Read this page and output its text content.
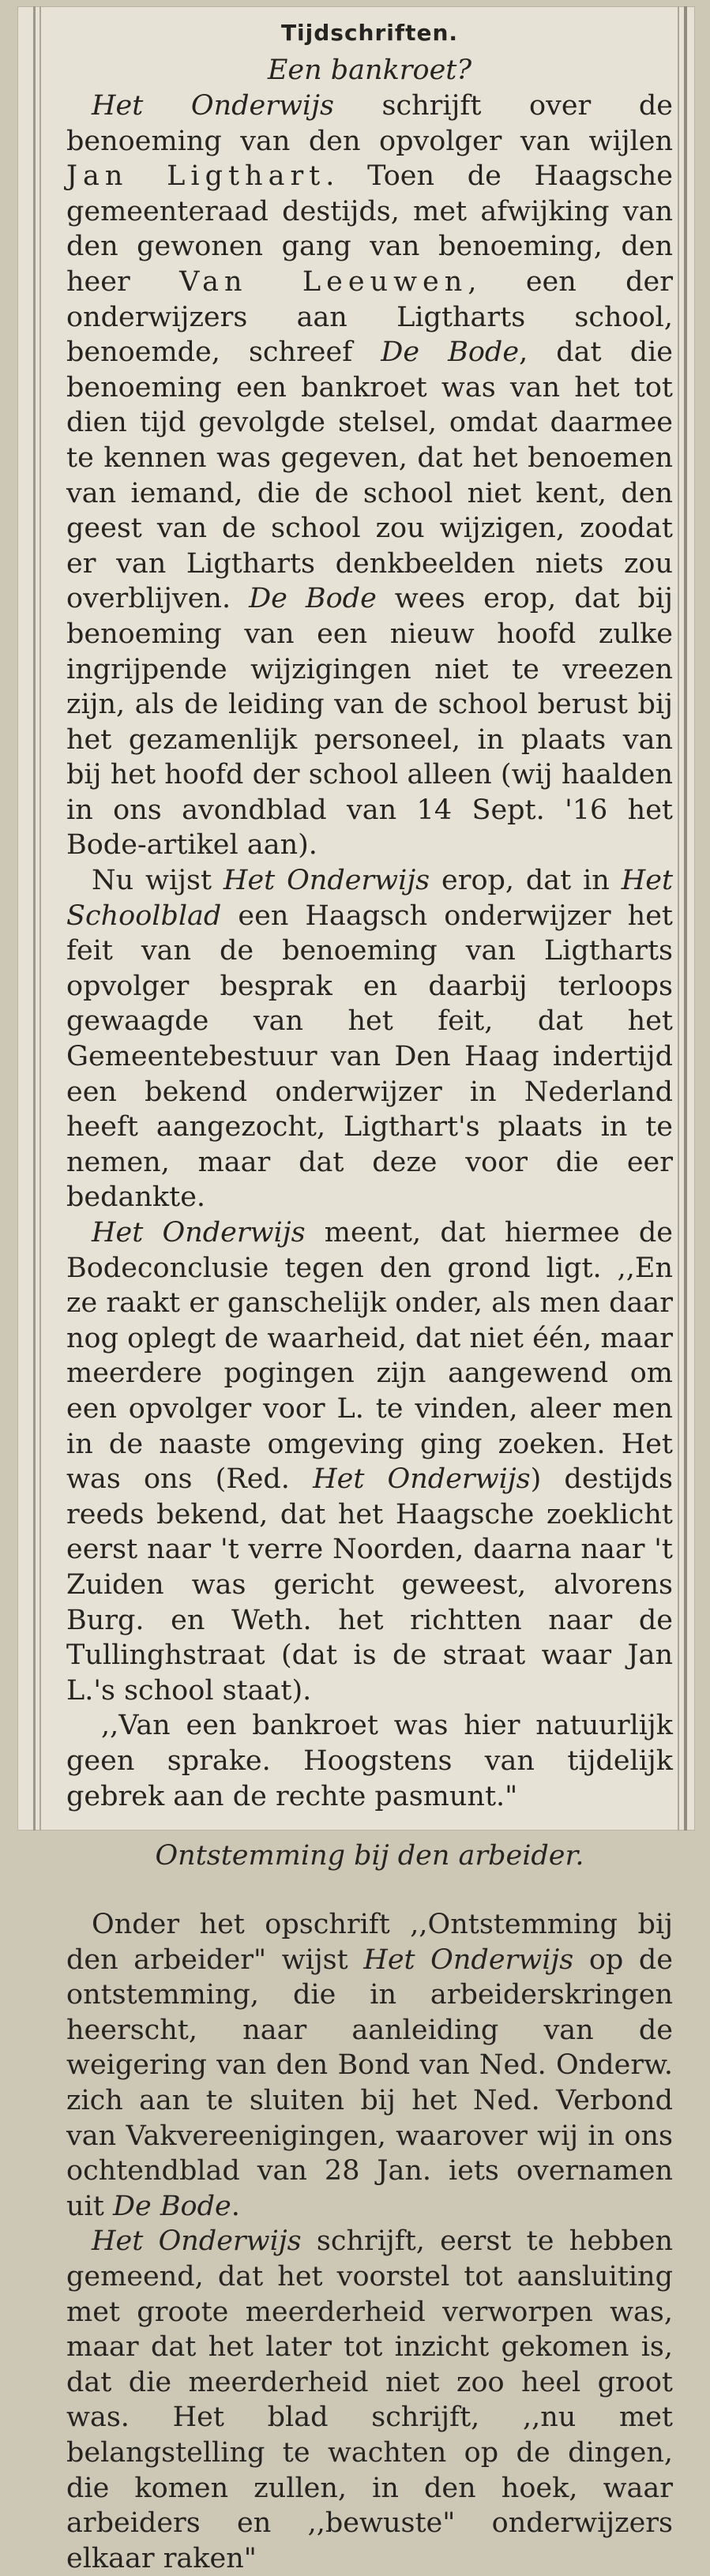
Tijdschriften.
Een bankroet?

Het Onderwijs schrijft over de benoeming van den opvolger van wijlen Jan Ligthart. Toen de Haagsche gemeenteraad destijds, met afwijking van den gewonen gang van benoeming, den heer Van Leeuwen, een der onderwijzers aan Ligtharts school, benoemde, schreef De Bode, dat die benoeming een bankroet was van het tot dien tijd gevolgde stelsel, omdat daarmee te kennen was gegeven, dat het benoemen van iemand, die de school niet kent, den geest van de school zou wijzigen, zoodat er van Ligtharts denkbeelden niets zou overblijven. De Bode wees erop, dat bij benoeming van een nieuw hoofd zulke ingrijpende wijzigingen niet te vreezen zijn, als de leiding van de school berust bij het gezamenlijk personeel, in plaats van bij het hoofd der school alleen (wij haalden in ons avondblad van 14 Sept. '16 het Bode-artikel aan).

Nu wijst Het Onderwijs erop, dat in Het Schoolblad een Haagsch onderwijzer het feit van de benoeming van Ligtharts opvolger besprak en daarbij terloops gewaagde van het feit, dat het Gemeentebestuur van Den Haag indertijd een bekend onderwijzer in Nederland heeft aangezocht, Ligthart's plaats in te nemen, maar dat deze voor die eer bedankte.

Het Onderwijs meent, dat hiermee de Bodeconclusie tegen den grond ligt. ,,En ze raakt er ganschelijk onder, als men daar nog oplegt de waarheid, dat niet één, maar meerdere pogingen zijn aangewend om een opvolger voor L. te vinden, aleer men in de naaste omgeving ging zoeken. Het was ons (Red. Het Onderwijs) destijds reeds bekend, dat het Haagsche zoeklicht eerst naar 't verre Noorden, daarna naar 't Zuiden was gericht geweest, alvorens Burg. en Weth. het richtten naar de Tullinghstraat (dat is de straat waar Jan L.'s school staat).

,,Van een bankroet was hier natuurlijk geen sprake. Hoogstens van tijdelijk gebrek aan de rechte pasmunt."

Ontstemming bij den arbeider.

Onder het opschrift ,,Ontstemming bij den arbeider" wijst Het Onderwijs op de ontstemming, die in arbeiderskringen heerscht, naar aanleiding van de weigering van den Bond van Ned. Onderw. zich aan te sluiten bij het Ned. Verbond van Vakvereenigingen, waarover wij in ons ochtendblad van 28 Jan. iets overnamen uit De Bode.

Het Onderwijs schrijft, eerst te hebben gemeend, dat het voorstel tot aansluiting met groote meerderheid verworpen was, maar dat het later tot inzicht gekomen is, dat die meerderheid niet zoo heel groot was. Het blad schrijft, ,,nu met belangstelling te wachten op de dingen, die komen zullen, in den hoek, waar arbeiders en ,,bewuste" onderwijzers elkaar raken"
